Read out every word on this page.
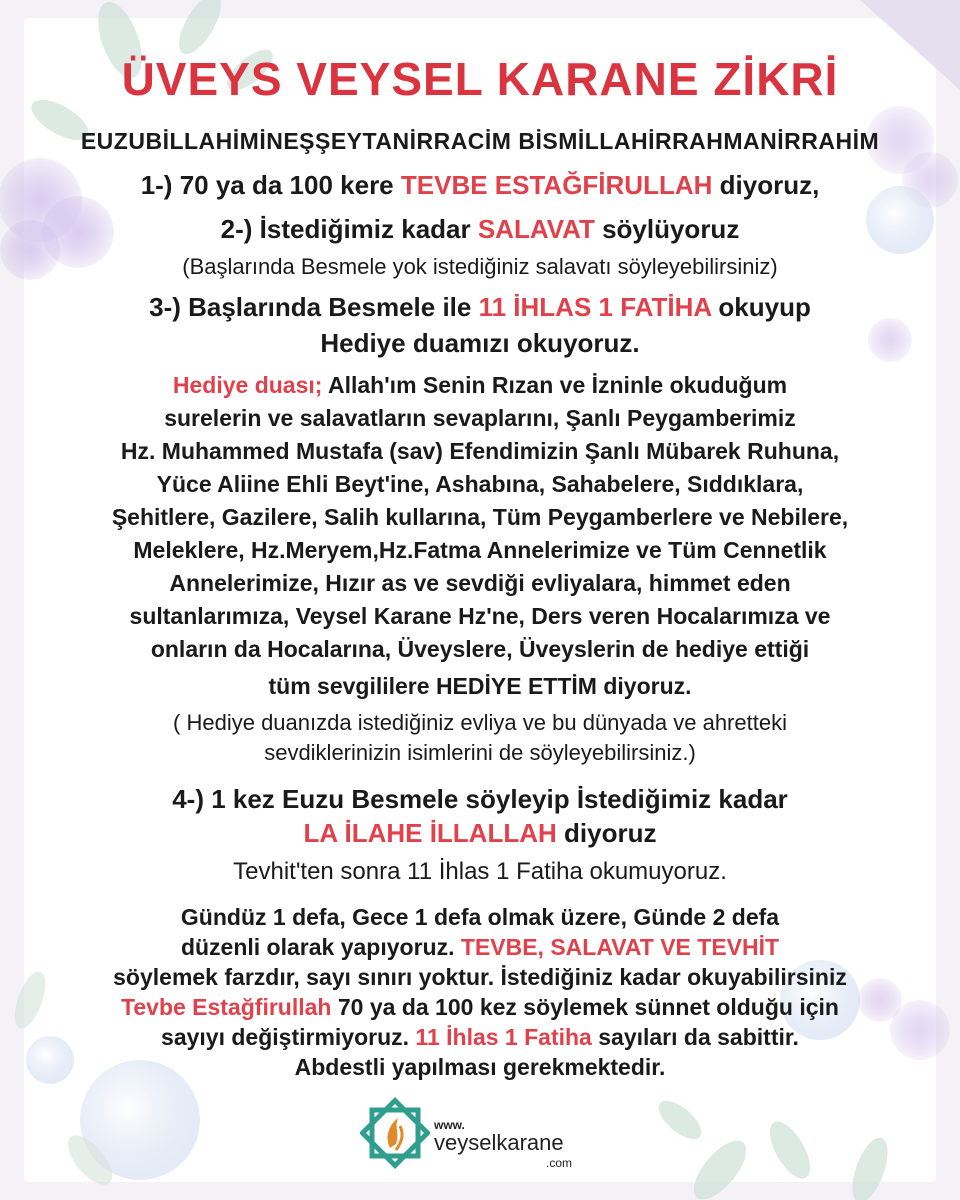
ÜVEYS VEYSEL KARANE ZİKRİ
EUZUBİLLAHİMİNEŞŞEYTANİRRACİM BİSMİLLAHİRRAHMANİRRAHİM
1-) 70 ya da 100 kere TEVBE ESTAĞFİRULLAH diyoruz,
2-) İstediğimiz kadar SALAVAT söylüyoruz
(Başlarında Besmele yok istediğiniz salavatı söyleyebilirsiniz)
3-) Başlarında Besmele ile 11 İHLAS 1 FATİHA okuyup
Hediye duamızı okuyoruz.
Hediye duası; Allah'ım Senin Rızan ve İzninle okuduğum
surelerin ve salavatların sevaplarını, Şanlı Peygamberimiz
Hz. Muhammed Mustafa (sav) Efendimizin Şanlı Mübarek Ruhuna,
Yüce Aliine Ehli Beyt'ine, Ashabına, Sahabelere, Sıddıklara,
Şehitlere, Gazilere, Salih kullarına, Tüm Peygamberlere ve Nebilere,
Meleklere, Hz.Meryem,Hz.Fatma Annelerimize ve Tüm Cennetlik
Annelerimize, Hızır as ve sevdiği evliyalara, himmet eden
sultanlarımıza, Veysel Karane Hz'ne, Ders veren Hocalarımıza ve
onların da Hocalarına, Üveyslere, Üveyslerin de hediye ettiği
tüm sevgililere HEDİYE ETTİM diyoruz.
( Hediye duanızda istediğiniz evliya ve bu dünyada ve ahretteki
sevdiklerinizin isimlerini de söyleyebilirsiniz.)
4-) 1 kez Euzu Besmele söyleyip İstediğimiz kadar
LA İLAHE İLLALLAH diyoruz
Tevhit'ten sonra 11 İhlas 1 Fatiha okumuyoruz.
Gündüz 1 defa, Gece 1 defa olmak üzere, Günde 2 defa
düzenli olarak yapıyoruz. TEVBE, SALAVAT VE TEVHİT
söylemek farzdır, sayı sınırı yoktur. İstediğiniz kadar okuyabilirsiniz
Tevbe Estağfirullah 70 ya da 100 kez söylemek sünnet olduğu için
sayıyı değiştirmiyoruz. 11 İhlas 1 Fatiha sayıları da sabittir.
Abdestli yapılması gerekmektedir.
www.
veyselkarane
.com
